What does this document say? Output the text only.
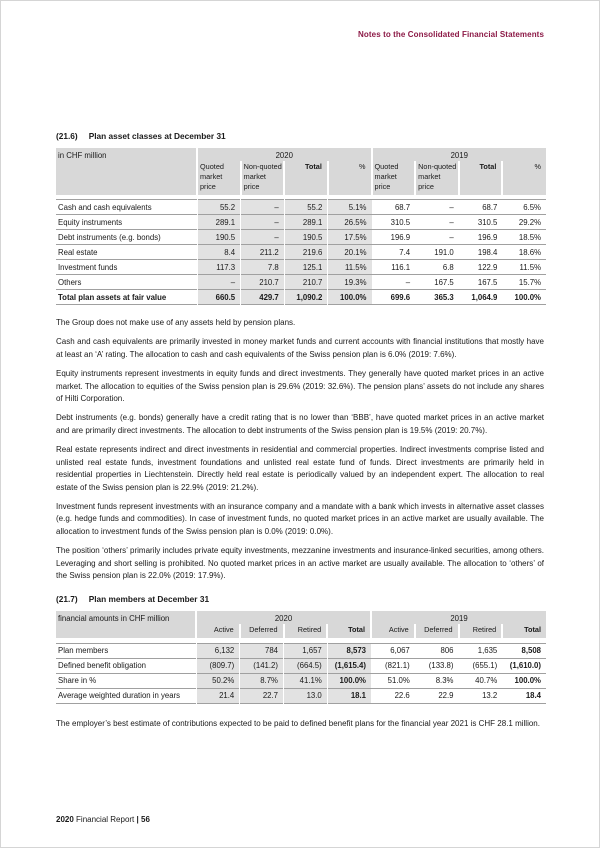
Notes to the Consolidated Financial Statements
(21.6) Plan asset classes at December 31
in CHF million	2020				2019			
	Quoted market price	Non-quoted market price	Total	%	Quoted market price	Non-quoted market price	Total	%

Cash and cash equivalents	55.2	–	55.2	5.1%	68.7	–	68.7	6.5%
Equity instruments	289.1	–	289.1	26.5%	310.5	–	310.5	29.2%
Debt instruments (e.g. bonds)	190.5	–	190.5	17.5%	196.9	–	196.9	18.5%
Real estate	8.4	211.2	219.6	20.1%	7.4	191.0	198.4	18.6%
Investment funds	117.3	7.8	125.1	11.5%	116.1	6.8	122.9	11.5%
Others	–	210.7	210.7	19.3%	–	167.5	167.5	15.7%
Total plan assets at fair value	660.5	429.7	1,090.2	100.0%	699.6	365.3	1,064.9	100.0%

The Group does not make use of any assets held by pension plans.

Cash and cash equivalents are primarily invested in money market funds and current accounts with financial institutions that mostly have at least an ‘A’ rating. The allocation to cash and cash equivalents of the Swiss pension plan is 6.0% (2019: 7.6%).

Equity instruments represent investments in equity funds and direct investments. They generally have quoted market prices in an active market. The allocation to equities of the Swiss pension plan is 29.6% (2019: 32.6%). The pension plans’ assets do not include any shares of Hilti Corporation.

Debt instruments (e.g. bonds) generally have a credit rating that is no lower than ‘BBB’, have quoted market prices in an active market and are primarily direct investments. The allocation to debt instruments of the Swiss pension plan is 19.5% (2019: 20.7%).

Real estate represents indirect and direct investments in residential and commercial properties. Indirect investments comprise listed and unlisted real estate funds, investment foundations and unlisted real estate fund of funds. Direct investments are primarily held in residential properties in Liechtenstein. Directly held real estate is periodically valued by an independent expert. The allocation to real estate of the Swiss pension plan is 22.9% (2019: 21.2%).

Investment funds represent investments with an insurance company and a mandate with a bank which invests in alternative asset classes (e.g. hedge funds and commodities). In case of investment funds, no quoted market prices in an active market are usually available. The allocation to investment funds of the Swiss pension plan is 0.0% (2019: 0.0%).

The position ‘others’ primarily includes private equity investments, mezzanine investments and insurance-linked securities, among others. Leveraging and short selling is prohibited. No quoted market prices in an active market are usually available. The allocation to ‘others’ of the Swiss pension plan is 22.0% (2019: 17.9%).

(21.7) Plan members at December 31
financial amounts in CHF million	2020				2019			
	Active	Deferred	Retired	Total	Active	Deferred	Retired	Total

Plan members	6,132	784	1,657	8,573	6,067	806	1,635	8,508
Defined benefit obligation	(809.7)	(141.2)	(664.5)	(1,615.4)	(821.1)	(133.8)	(655.1)	(1,610.0)
Share in %	50.2%	8.7%	41.1%	100.0%	51.0%	8.3%	40.7%	100.0%
Average weighted duration in years	21.4	22.7	13.0	18.1	22.6	22.9	13.2	18.4

The employer’s best estimate of contributions expected to be paid to defined benefit plans for the financial year 2021 is CHF 28.1 million.

2020 Financial Report | 56
